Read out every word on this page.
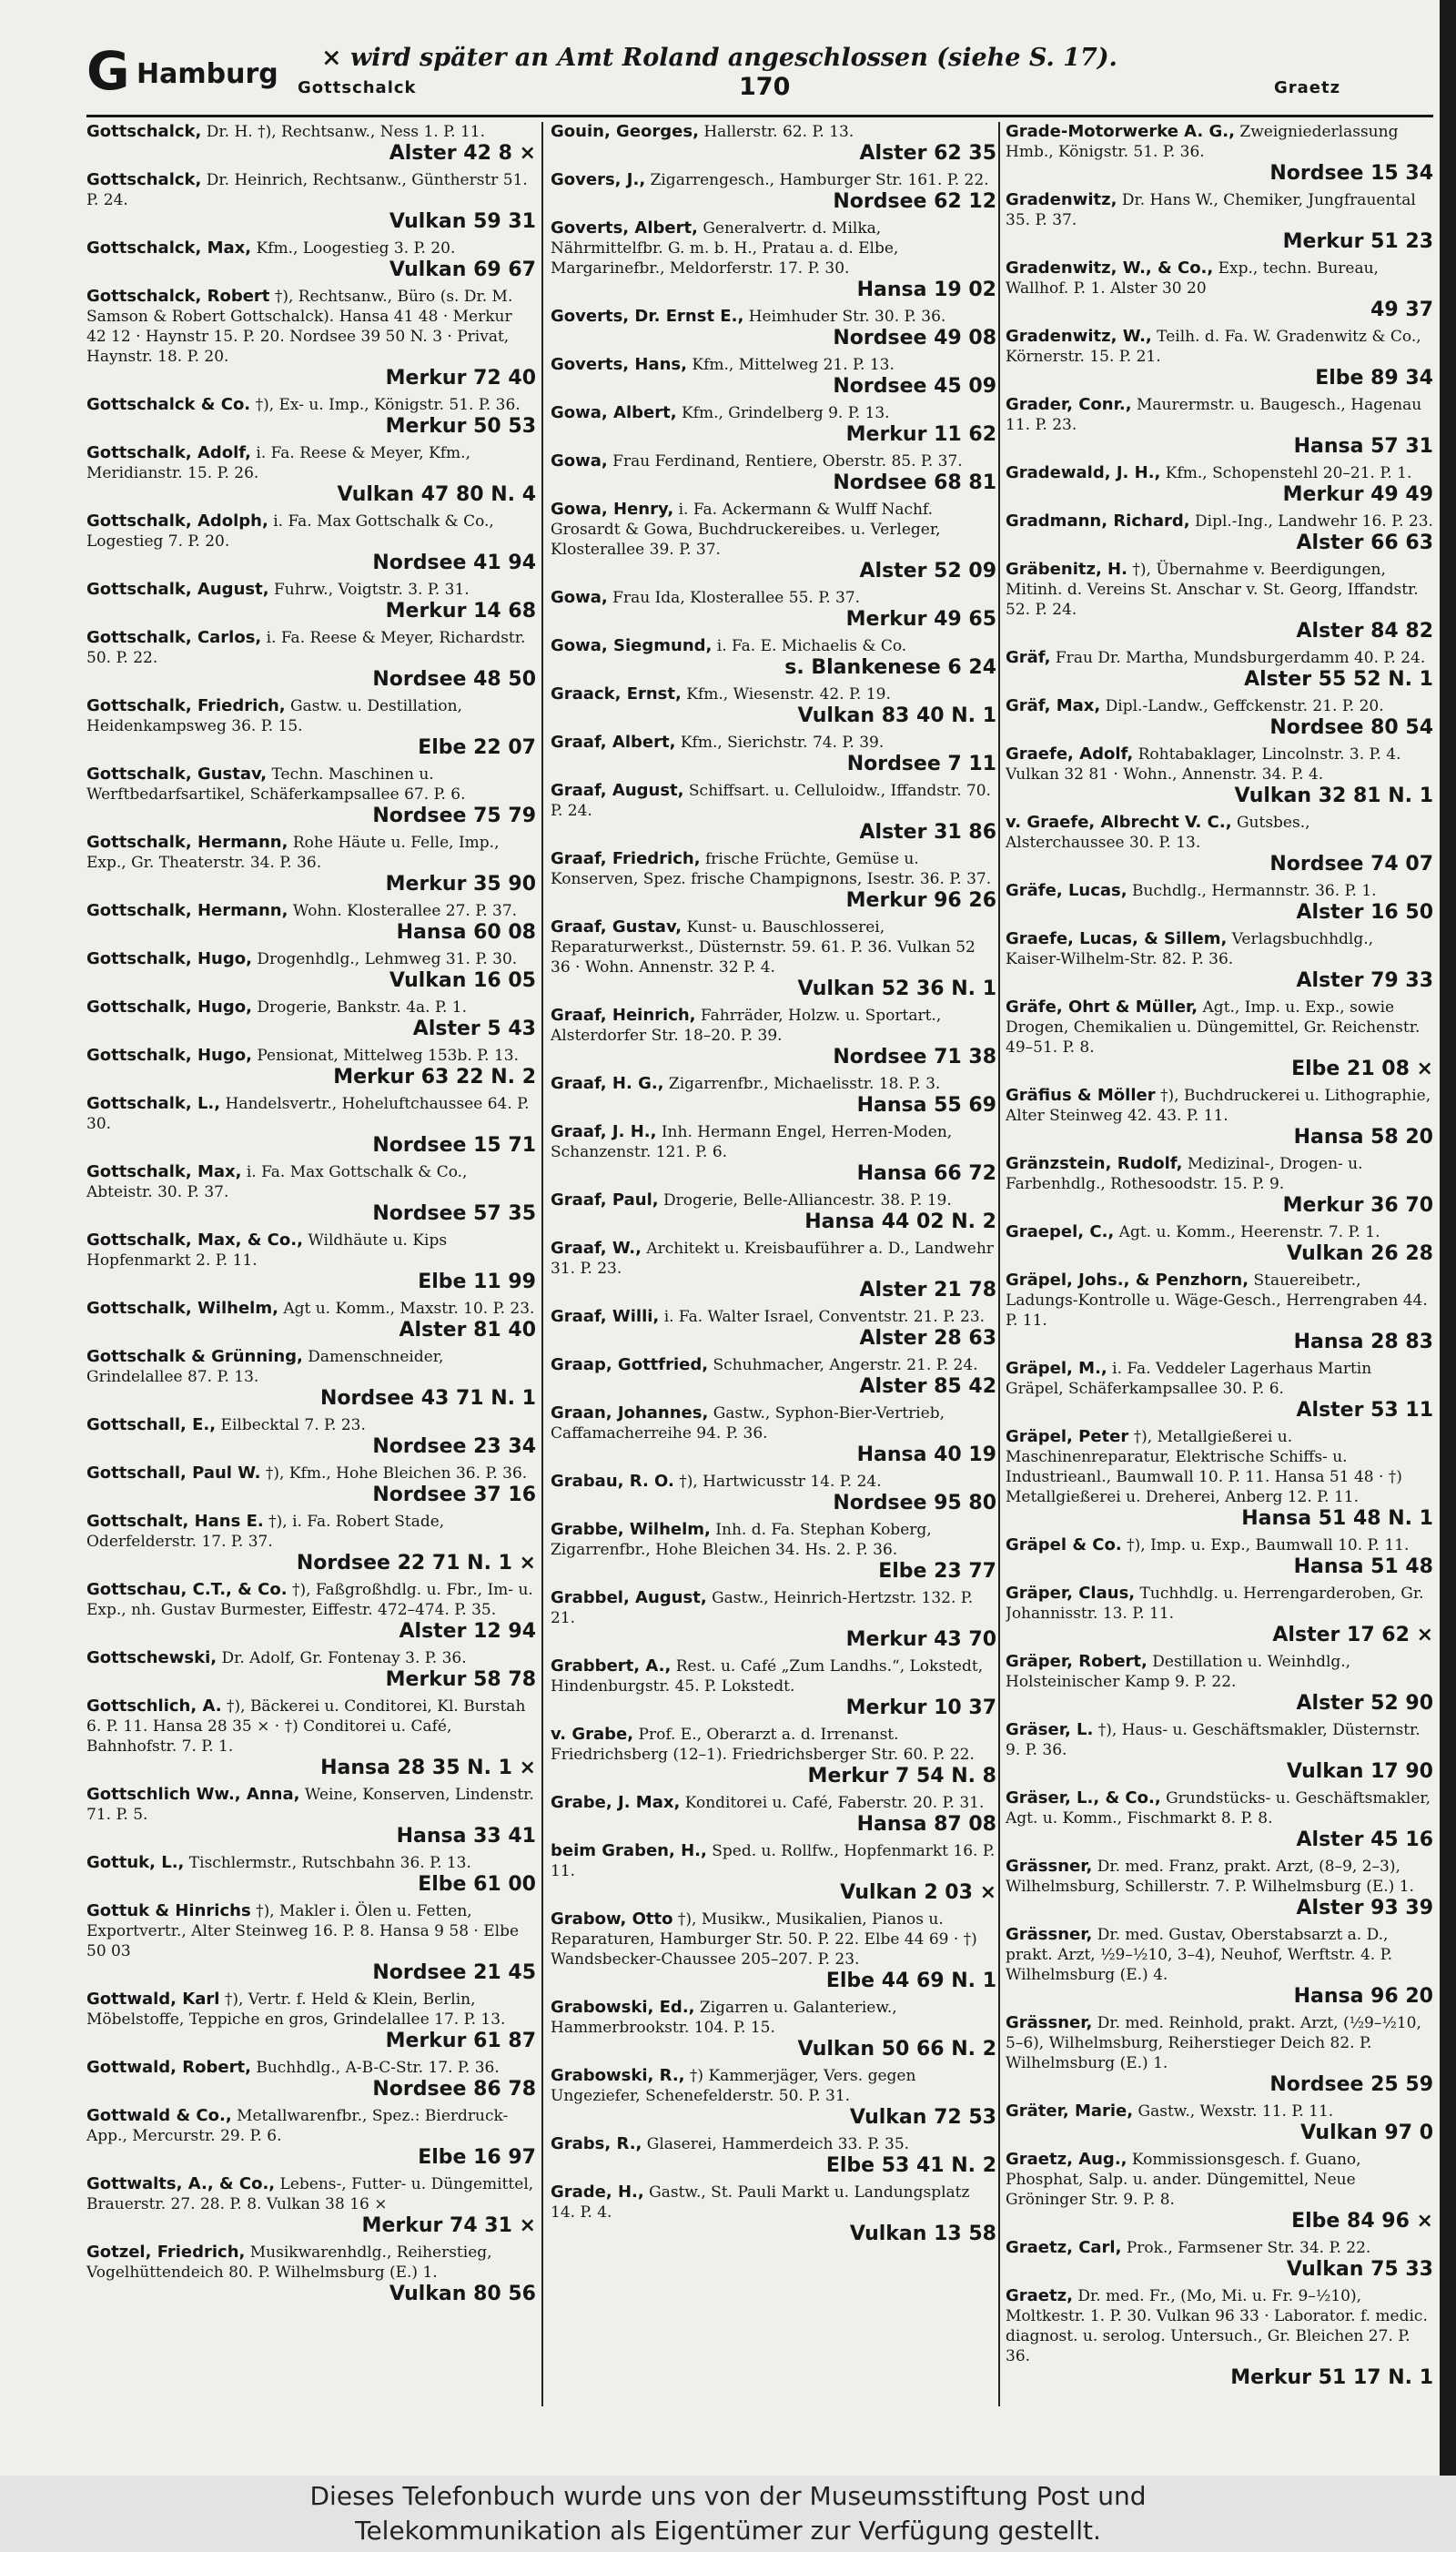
G Hamburg
× wird später an Amt Roland angeschlossen (siehe S. 17).
Gottschalck	170	Graetz
Gottschalck, Dr. H. †), Rechtsanw., Ness 1. P. 11.
Alster 42 8 ×
Gottschalck, Dr. Heinrich, Rechtsanw., Güntherstr 51. P. 24.
Vulkan 59 31
Gottschalck, Max, Kfm., Loogestieg 3. P. 20.
Vulkan 69 67
Gottschalck, Robert †), Rechtsanw., Büro (s. Dr. M. Samson & Robert Gottschalck). Hansa 41 48 · Merkur 42 12 · Haynstr 15. P. 20. Nordsee 39 50 N. 3 · Privat, Haynstr. 18. P. 20.
Merkur 72 40
Gottschalck & Co. †), Ex- u. Imp., Königstr. 51. P. 36.
Merkur 50 53
Gottschalk, Adolf, i. Fa. Reese & Meyer, Kfm., Meridianstr. 15. P. 26.
Vulkan 47 80 N. 4
Gottschalk, Adolph, i. Fa. Max Gottschalk & Co., Logestieg 7. P. 20.
Nordsee 41 94
Gottschalk, August, Fuhrw., Voigtstr. 3. P. 31.
Merkur 14 68
Gottschalk, Carlos, i. Fa. Reese & Meyer, Richardstr. 50. P. 22.
Nordsee 48 50
Gottschalk, Friedrich, Gastw. u. Destillation, Heidenkampsweg 36. P. 15.
Elbe 22 07
Gottschalk, Gustav, Techn. Maschinen u. Werftbedarfsartikel, Schäferkampsallee 67. P. 6.
Nordsee 75 79
Gottschalk, Hermann, Rohe Häute u. Felle, Imp., Exp., Gr. Theaterstr. 34. P. 36.
Merkur 35 90
Gottschalk, Hermann, Wohn. Klosterallee 27. P. 37.
Hansa 60 08
Gottschalk, Hugo, Drogenhdlg., Lehmweg 31. P. 30.
Vulkan 16 05
Gottschalk, Hugo, Drogerie, Bankstr. 4a. P. 1.
Alster 5 43
Gottschalk, Hugo, Pensionat, Mittelweg 153b. P. 13.
Merkur 63 22 N. 2
Gottschalk, L., Handelsvertr., Hoheluftchaussee 64. P. 30.
Nordsee 15 71
Gottschalk, Max, i. Fa. Max Gottschalk & Co., Abteistr. 30. P. 37.
Nordsee 57 35
Gottschalk, Max, & Co., Wildhäute u. Kips Hopfenmarkt 2. P. 11.
Elbe 11 99
Gottschalk, Wilhelm, Agt u. Komm., Maxstr. 10. P. 23.
Alster 81 40
Gottschalk & Grünning, Damenschneider, Grindelallee 87. P. 13.
Nordsee 43 71 N. 1
Gottschall, E., Eilbecktal 7. P. 23.
Nordsee 23 34
Gottschall, Paul W. †), Kfm., Hohe Bleichen 36. P. 36.
Nordsee 37 16
Gottschalt, Hans E. †), i. Fa. Robert Stade, Oderfelderstr. 17. P. 37.
Nordsee 22 71 N. 1 ×
Gottschau, C.T., & Co. †), Faßgroßhdlg. u. Fbr., Im- u. Exp., nh. Gustav Burmester, Eiffestr. 472–474. P. 35.
Alster 12 94
Gottschewski, Dr. Adolf, Gr. Fontenay 3. P. 36.
Merkur 58 78
Gottschlich, A. †), Bäckerei u. Conditorei, Kl. Burstah 6. P. 11. Hansa 28 35 × · †) Conditorei u. Café, Bahnhofstr. 7. P. 1.
Hansa 28 35 N. 1 ×
Gottschlich Ww., Anna, Weine, Konserven, Lindenstr. 71. P. 5.
Hansa 33 41
Gottuk, L., Tischlermstr., Rutschbahn 36. P. 13.
Elbe 61 00
Gottuk & Hinrichs †), Makler i. Ölen u. Fetten, Exportvertr., Alter Steinweg 16. P. 8. Hansa 9 58 · Elbe 50 03
Nordsee 21 45
Gottwald, Karl †), Vertr. f. Held & Klein, Berlin, Möbelstoffe, Teppiche en gros, Grindelallee 17. P. 13.
Merkur 61 87
Gottwald, Robert, Buchhdlg., A-B-C-Str. 17. P. 36.
Nordsee 86 78
Gottwald & Co., Metallwarenfbr., Spez.: Bierdruck-App., Mercurstr. 29. P. 6.
Elbe 16 97
Gottwalts, A., & Co., Lebens-, Futter- u. Düngemittel, Brauerstr. 27. 28. P. 8. Vulkan 38 16 ×
Merkur 74 31 ×
Gotzel, Friedrich, Musikwarenhdlg., Reiherstieg, Vogelhüttendeich 80. P. Wilhelmsburg (E.) 1.
Vulkan 80 56
Gouin, Georges, Hallerstr. 62. P. 13.
Alster 62 35
Govers, J., Zigarrengesch., Hamburger Str. 161. P. 22.
Nordsee 62 12
Goverts, Albert, Generalvertr. d. Milka, Nährmittelfbr. G. m. b. H., Pratau a. d. Elbe, Margarinefbr., Meldorferstr. 17. P. 30.
Hansa 19 02
Goverts, Dr. Ernst E., Heimhuder Str. 30. P. 36.
Nordsee 49 08
Goverts, Hans, Kfm., Mittelweg 21. P. 13.
Nordsee 45 09
Gowa, Albert, Kfm., Grindelberg 9. P. 13.
Merkur 11 62
Gowa, Frau Ferdinand, Rentiere, Oberstr. 85. P. 37.
Nordsee 68 81
Gowa, Henry, i. Fa. Ackermann & Wulff Nachf. Grosardt & Gowa, Buchdruckereibes. u. Verleger, Klosterallee 39. P. 37.
Alster 52 09
Gowa, Frau Ida, Klosterallee 55. P. 37.
Merkur 49 65
Gowa, Siegmund, i. Fa. E. Michaelis & Co.
s. Blankenese 6 24
Graack, Ernst, Kfm., Wiesenstr. 42. P. 19.
Vulkan 83 40 N. 1
Graaf, Albert, Kfm., Sierichstr. 74. P. 39.
Nordsee 7 11
Graaf, August, Schiffsart. u. Celluloidw., Iffandstr. 70. P. 24.
Alster 31 86
Graaf, Friedrich, frische Früchte, Gemüse u. Konserven, Spez. frische Champignons, Isestr. 36. P. 37.
Merkur 96 26
Graaf, Gustav, Kunst- u. Bauschlosserei, Reparaturwerkst., Düsternstr. 59. 61. P. 36. Vulkan 52 36 · Wohn. Annenstr. 32 P. 4.
Vulkan 52 36 N. 1
Graaf, Heinrich, Fahrräder, Holzw. u. Sportart., Alsterdorfer Str. 18–20. P. 39.
Nordsee 71 38
Graaf, H. G., Zigarrenfbr., Michaelisstr. 18. P. 3.
Hansa 55 69
Graaf, J. H., Inh. Hermann Engel, Herren-Moden, Schanzenstr. 121. P. 6.
Hansa 66 72
Graaf, Paul, Drogerie, Belle-Alliancestr. 38. P. 19.
Hansa 44 02 N. 2
Graaf, W., Architekt u. Kreisbauführer a. D., Landwehr 31. P. 23.
Alster 21 78
Graaf, Willi, i. Fa. Walter Israel, Conventstr. 21. P. 23.
Alster 28 63
Graap, Gottfried, Schuhmacher, Angerstr. 21. P. 24.
Alster 85 42
Graan, Johannes, Gastw., Syphon-Bier-Vertrieb, Caffamacherreihe 94. P. 36.
Hansa 40 19
Grabau, R. O. †), Hartwicusstr 14. P. 24.
Nordsee 95 80
Grabbe, Wilhelm, Inh. d. Fa. Stephan Koberg, Zigarrenfbr., Hohe Bleichen 34. Hs. 2. P. 36.
Elbe 23 77
Grabbel, August, Gastw., Heinrich-Hertzstr. 132. P. 21.
Merkur 43 70
Grabbert, A., Rest. u. Café „Zum Landhs.“, Lokstedt, Hindenburgstr. 45. P. Lokstedt.
Merkur 10 37
v. Grabe, Prof. E., Oberarzt a. d. Irrenanst. Friedrichsberg (12–1). Friedrichsberger Str. 60. P. 22.
Merkur 7 54 N. 8
Grabe, J. Max, Konditorei u. Café, Faberstr. 20. P. 31.
Hansa 87 08
beim Graben, H., Sped. u. Rollfw., Hopfenmarkt 16. P. 11.
Vulkan 2 03 ×
Grabow, Otto †), Musikw., Musikalien, Pianos u. Reparaturen, Hamburger Str. 50. P. 22. Elbe 44 69 · †) Wandsbecker-Chaussee 205–207. P. 23.
Elbe 44 69 N. 1
Grabowski, Ed., Zigarren u. Galanteriew., Hammerbrookstr. 104. P. 15.
Vulkan 50 66 N. 2
Grabowski, R., †) Kammerjäger, Vers. gegen Ungeziefer, Schenefelderstr. 50. P. 31.
Vulkan 72 53
Grabs, R., Glaserei, Hammerdeich 33. P. 35.
Elbe 53 41 N. 2
Grade, H., Gastw., St. Pauli Markt u. Landungsplatz 14. P. 4.
Vulkan 13 58
Grade-Motorwerke A. G., Zweigniederlassung Hmb., Königstr. 51. P. 36.
Nordsee 15 34
Gradenwitz, Dr. Hans W., Chemiker, Jungfrauental 35. P. 37.
Merkur 51 23
Gradenwitz, W., & Co., Exp., techn. Bureau, Wallhof. P. 1. Alster 30 20
49 37
Gradenwitz, W., Teilh. d. Fa. W. Gradenwitz & Co., Körnerstr. 15. P. 21.
Elbe 89 34
Grader, Conr., Maurermstr. u. Baugesch., Hagenau 11. P. 23.
Hansa 57 31
Gradewald, J. H., Kfm., Schopenstehl 20–21. P. 1.
Merkur 49 49
Gradmann, Richard, Dipl.-Ing., Landwehr 16. P. 23.
Alster 66 63
Gräbenitz, H. †), Übernahme v. Beerdigungen, Mitinh. d. Vereins St. Anschar v. St. Georg, Iffandstr. 52. P. 24.
Alster 84 82
Gräf, Frau Dr. Martha, Mundsburgerdamm 40. P. 24.
Alster 55 52 N. 1
Gräf, Max, Dipl.-Landw., Geffckenstr. 21. P. 20.
Nordsee 80 54
Graefe, Adolf, Rohtabaklager, Lincolnstr. 3. P. 4. Vulkan 32 81 · Wohn., Annenstr. 34. P. 4.
Vulkan 32 81 N. 1
v. Graefe, Albrecht V. C., Gutsbes., Alsterchaussee 30. P. 13.
Nordsee 74 07
Gräfe, Lucas, Buchdlg., Hermannstr. 36. P. 1.
Alster 16 50
Graefe, Lucas, & Sillem, Verlagsbuchhdlg., Kaiser-Wilhelm-Str. 82. P. 36.
Alster 79 33
Gräfe, Ohrt & Müller, Agt., Imp. u. Exp., sowie Drogen, Chemikalien u. Düngemittel, Gr. Reichenstr. 49–51. P. 8.
Elbe 21 08 ×
Gräfius & Möller †), Buchdruckerei u. Lithographie, Alter Steinweg 42. 43. P. 11.
Hansa 58 20
Gränzstein, Rudolf, Medizinal-, Drogen- u. Farbenhdlg., Rothesoodstr. 15. P. 9.
Merkur 36 70
Graepel, C., Agt. u. Komm., Heerenstr. 7. P. 1.
Vulkan 26 28
Gräpel, Johs., & Penzhorn, Stauereibetr., Ladungs-Kontrolle u. Wäge-Gesch., Herrengraben 44. P. 11.
Hansa 28 83
Gräpel, M., i. Fa. Veddeler Lagerhaus Martin Gräpel, Schäferkampsallee 30. P. 6.
Alster 53 11
Gräpel, Peter †), Metallgießerei u. Maschinenreparatur, Elektrische Schiffs- u. Industrieanl., Baumwall 10. P. 11. Hansa 51 48 · †) Metallgießerei u. Dreherei, Anberg 12. P. 11.
Hansa 51 48 N. 1
Gräpel & Co. †), Imp. u. Exp., Baumwall 10. P. 11.
Hansa 51 48
Gräper, Claus, Tuchhdlg. u. Herrengarderoben, Gr. Johannisstr. 13. P. 11.
Alster 17 62 ×
Gräper, Robert, Destillation u. Weinhdlg., Holsteinischer Kamp 9. P. 22.
Alster 52 90
Gräser, L. †), Haus- u. Geschäftsmakler, Düsternstr. 9. P. 36.
Vulkan 17 90
Gräser, L., & Co., Grundstücks- u. Geschäftsmakler, Agt. u. Komm., Fischmarkt 8. P. 8.
Alster 45 16
Grässner, Dr. med. Franz, prakt. Arzt, (8–9, 2–3), Wilhelmsburg, Schillerstr. 7. P. Wilhelmsburg (E.) 1.
Alster 93 39
Grässner, Dr. med. Gustav, Oberstabsarzt a. D., prakt. Arzt, ½9–½10, 3–4), Neuhof, Werftstr. 4. P. Wilhelmsburg (E.) 4.
Hansa 96 20
Grässner, Dr. med. Reinhold, prakt. Arzt, (½9–½10, 5–6), Wilhelmsburg, Reiherstieger Deich 82. P. Wilhelmsburg (E.) 1.
Nordsee 25 59
Gräter, Marie, Gastw., Wexstr. 11. P. 11.
Vulkan 97 0
Graetz, Aug., Kommissionsgesch. f. Guano, Phosphat, Salp. u. ander. Düngemittel, Neue Gröninger Str. 9. P. 8.
Elbe 84 96 ×
Graetz, Carl, Prok., Farmsener Str. 34. P. 22.
Vulkan 75 33
Graetz, Dr. med. Fr., (Mo, Mi. u. Fr. 9–½10), Moltkestr. 1. P. 30. Vulkan 96 33 · Laborator. f. medic. diagnost. u. serolog. Untersuch., Gr. Bleichen 27. P. 36.
Merkur 51 17 N. 1
Dieses Telefonbuch wurde uns von der Museumsstiftung Post und
Telekommunikation als Eigentümer zur Verfügung gestellt.
